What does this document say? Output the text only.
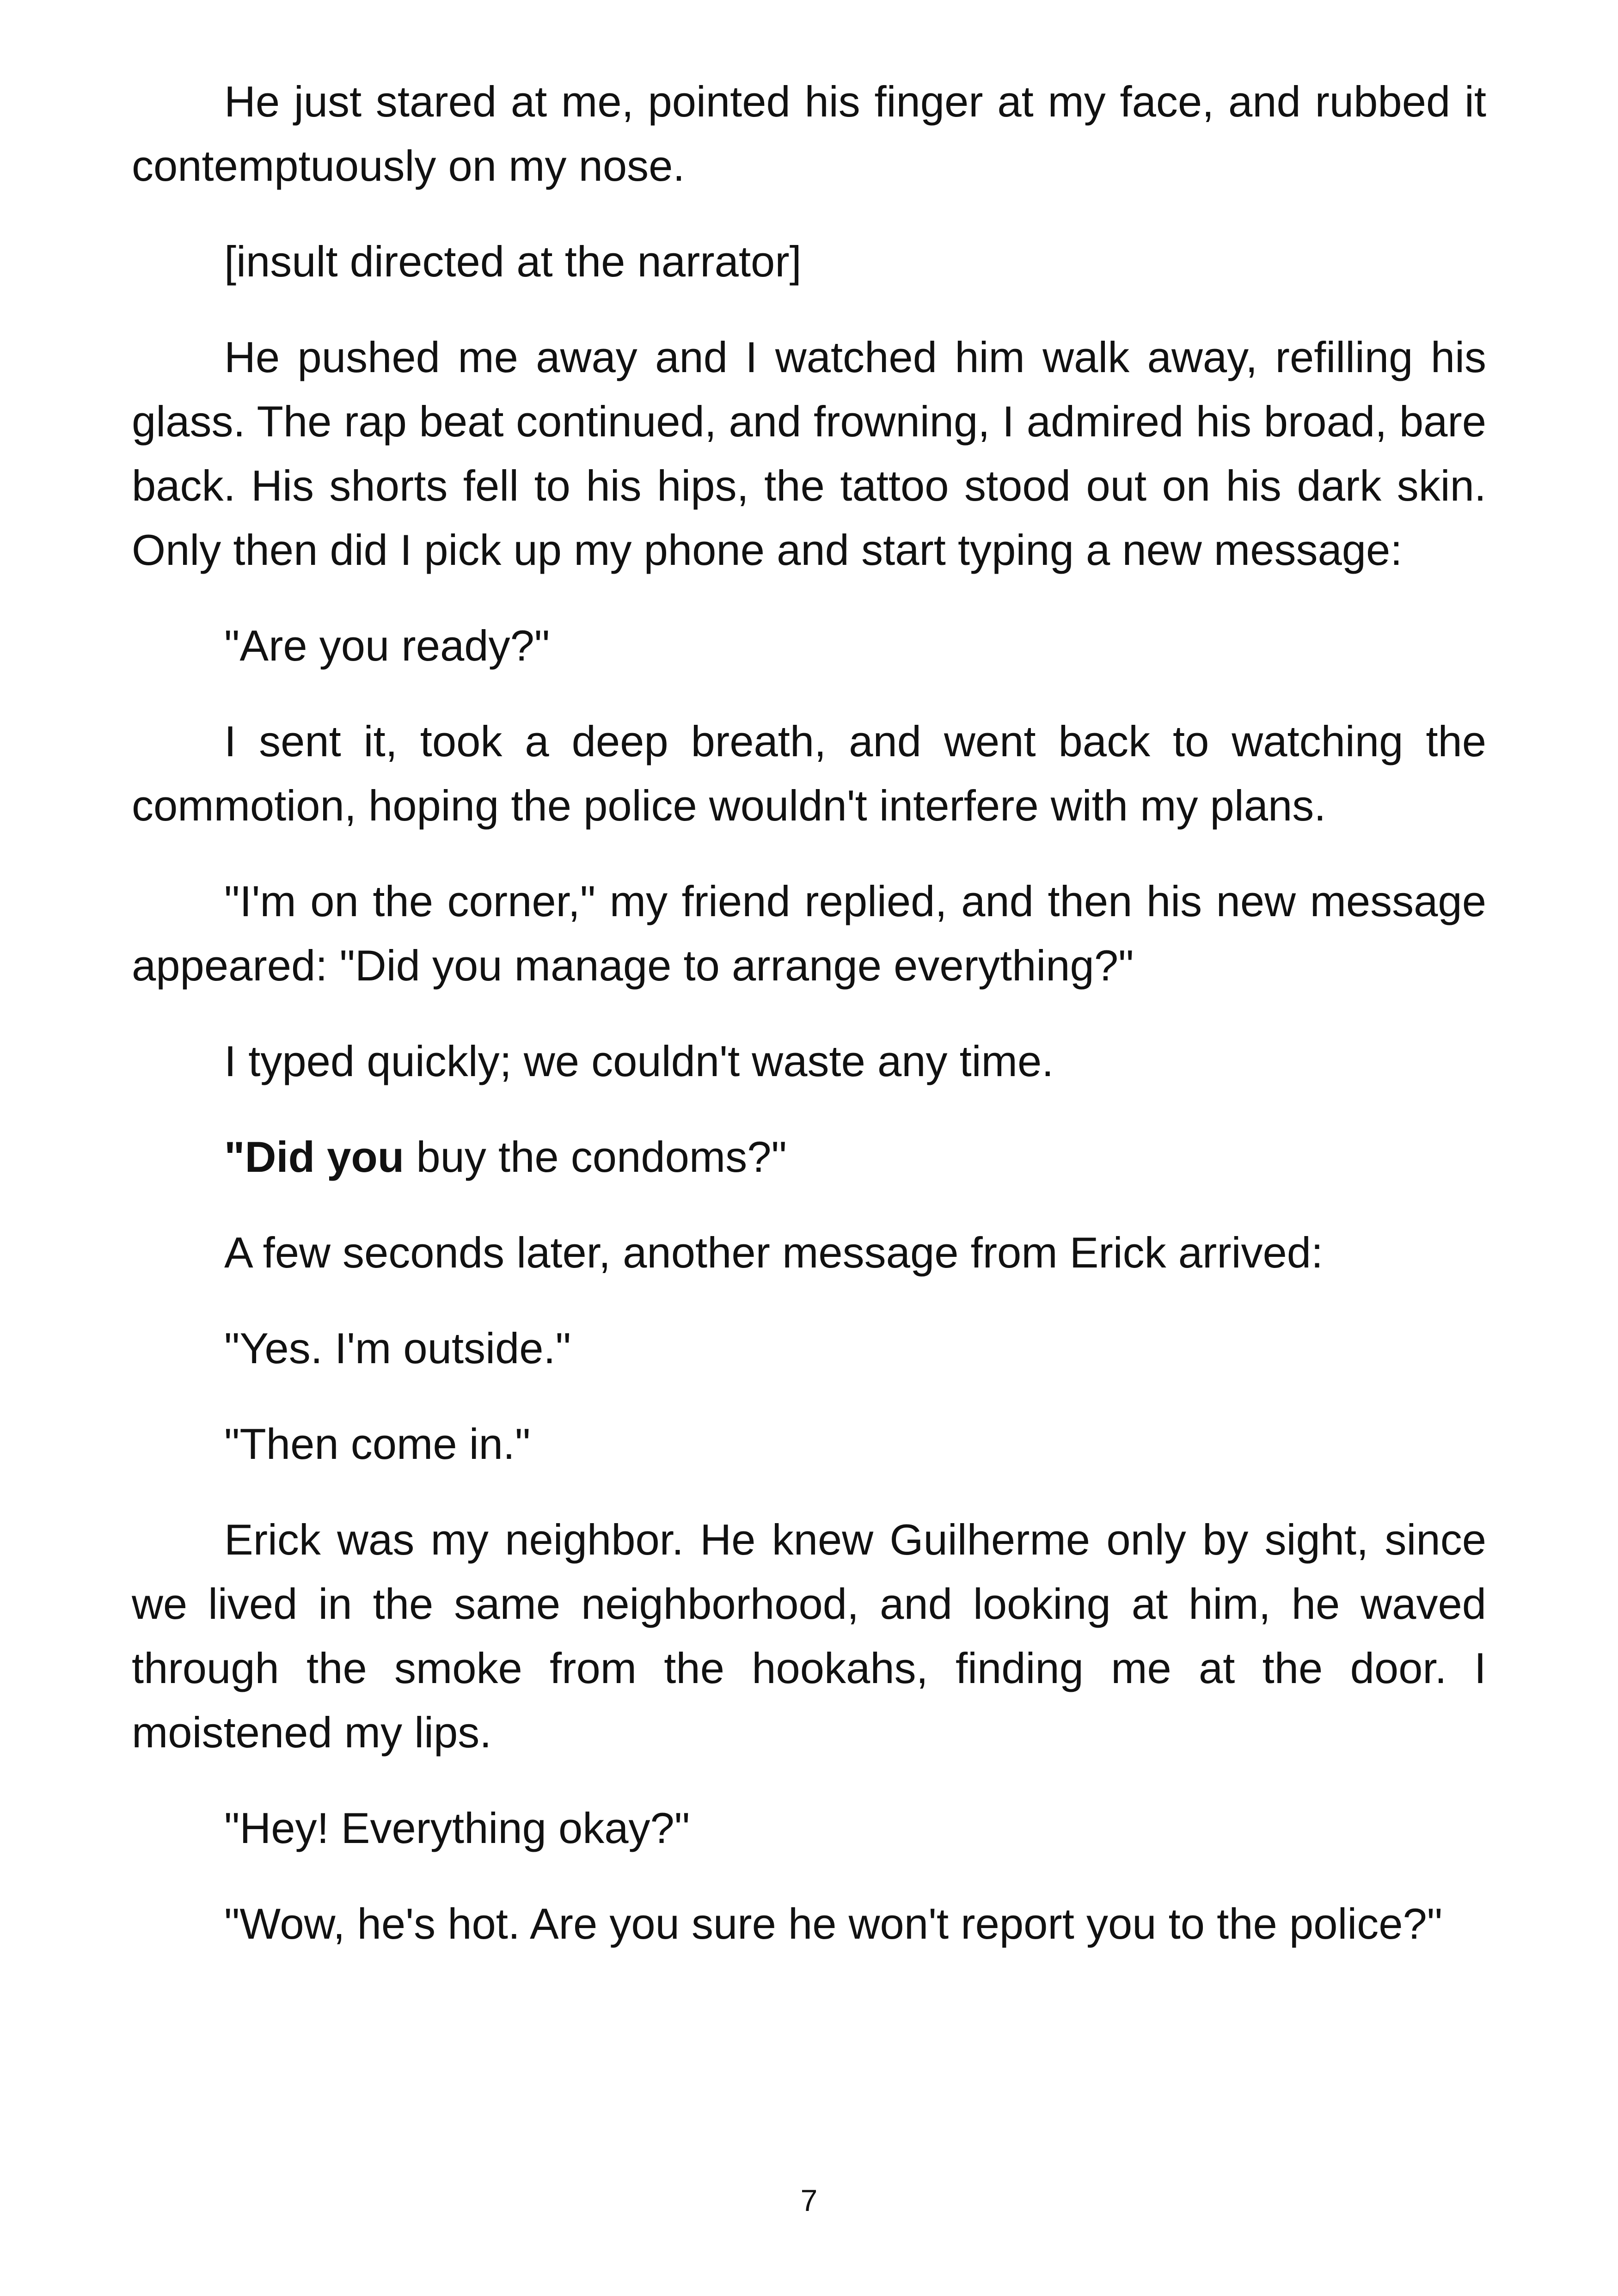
He just stared at me, pointed his finger at my face, and rubbed it contemptuously on my nose.

[insult directed at the narrator]

He pushed me away and I watched him walk away, refilling his glass. The rap beat continued, and frowning, I admired his broad, bare back. His shorts fell to his hips, the tattoo stood out on his dark skin. Only then did I pick up my phone and start typing a new message:

"Are you ready?"

I sent it, took a deep breath, and went back to watching the commotion, hoping the police wouldn't interfere with my plans.

"I'm on the corner," my friend replied, and then his new message appeared: "Did you manage to arrange everything?"

I typed quickly; we couldn't waste any time.

"Did you buy the condoms?"

A few seconds later, another message from Erick arrived:

"Yes. I'm outside."

"Then come in."

Erick was my neighbor. He knew Guilherme only by sight, since we lived in the same neighborhood, and looking at him, he waved through the smoke from the hookahs, finding me at the door. I moistened my lips.

"Hey! Everything okay?"

"Wow, he's hot. Are you sure he won't report you to the police?"

7
